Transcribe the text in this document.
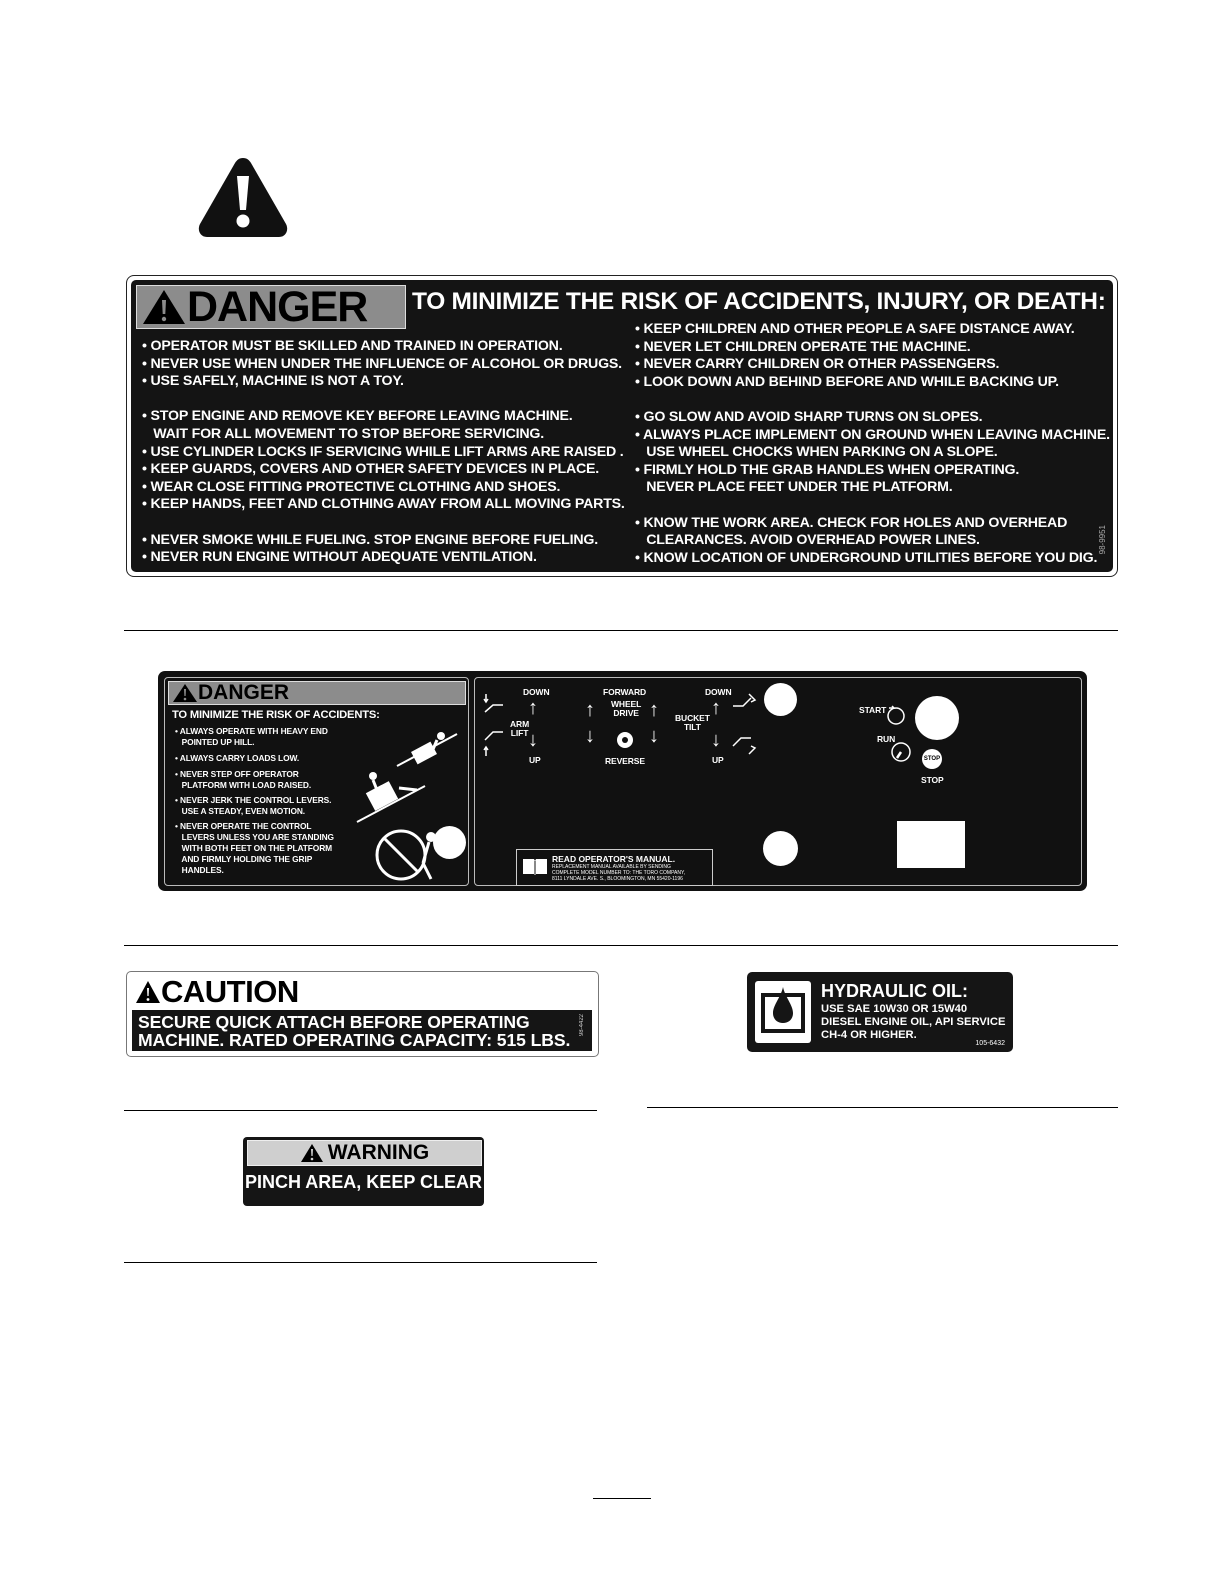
DANGER TO MINIMIZE THE RISK OF ACCIDENTS, INJURY, OR DEATH:
• OPERATOR MUST BE SKILLED AND TRAINED IN OPERATION.
• NEVER USE WHEN UNDER THE INFLUENCE OF ALCOHOL OR DRUGS.
• USE SAFELY, MACHINE IS NOT A TOY.

• STOP ENGINE AND REMOVE KEY BEFORE LEAVING MACHINE.
WAIT FOR ALL MOVEMENT TO STOP BEFORE SERVICING.
• USE CYLINDER LOCKS IF SERVICING WHILE LIFT ARMS ARE RAISED .
• KEEP GUARDS, COVERS AND OTHER SAFETY DEVICES IN PLACE.
• WEAR CLOSE FITTING PROTECTIVE CLOTHING AND SHOES.
• KEEP HANDS, FEET AND CLOTHING AWAY FROM ALL MOVING PARTS.

• NEVER SMOKE WHILE FUELING. STOP ENGINE BEFORE FUELING.
• NEVER RUN ENGINE WITHOUT ADEQUATE VENTILATION.
• KEEP CHILDREN AND OTHER PEOPLE A SAFE DISTANCE AWAY.
• NEVER LET CHILDREN OPERATE THE MACHINE.
• NEVER CARRY CHILDREN OR OTHER PASSENGERS.
• LOOK DOWN AND BEHIND BEFORE AND WHILE BACKING UP.

• GO SLOW AND AVOID SHARP TURNS ON SLOPES.
• ALWAYS PLACE IMPLEMENT ON GROUND WHEN LEAVING MACHINE.
USE WHEEL CHOCKS WHEN PARKING ON A SLOPE.
• FIRMLY HOLD THE GRAB HANDLES WHEN OPERATING.
NEVER PLACE FEET UNDER THE PLATFORM.

• KNOW THE WORK AREA. CHECK FOR HOLES AND OVERHEAD
CLEARANCES. AVOID OVERHEAD POWER LINES.
• KNOW LOCATION OF UNDERGROUND UTILITIES BEFORE YOU DIG.
98-9951
DANGER
TO MINIMIZE THE RISK OF ACCIDENTS:
• ALWAYS OPERATE WITH HEAVY END
POINTED UP HILL.
• ALWAYS CARRY LOADS LOW.
• NEVER STEP OFF OPERATOR
PLATFORM WITH LOAD RAISED.
• NEVER JERK THE CONTROL LEVERS.
USE A STEADY, EVEN MOTION.
• NEVER OPERATE THE CONTROL
LEVERS UNLESS YOU ARE STANDING
WITH BOTH FEET ON THE PLATFORM
AND FIRMLY HOLDING THE GRIP
HANDLES.
DOWN
↑
ARM
LIFT ↓
UP
FORWARD
↑
↓
↑
↓
WHEEL
DRIVE
REVERSE
DOWN
↑
BUCKET
TILT
↓
UP
START
RUN
STOP
STOP
READ OPERATOR'S MANUAL.
REPLACEMENT MANUAL AVAILABLE BY SENDING
COMPLETE MODEL NUMBER TO: THE TORO COMPANY,
8111 LYNDALE AVE. S., BLOOMINGTON, MN 55420-1196
CAUTION
SECURE QUICK ATTACH BEFORE OPERATING
MACHINE. RATED OPERATING CAPACITY: 515 LBS.
98-4422
HYDRAULIC OIL:
USE SAE 10W30 OR 15W40
DIESEL ENGINE OIL, API SERVICE
CH-4 OR HIGHER.
105-6432
WARNING
PINCH AREA, KEEP CLEAR
